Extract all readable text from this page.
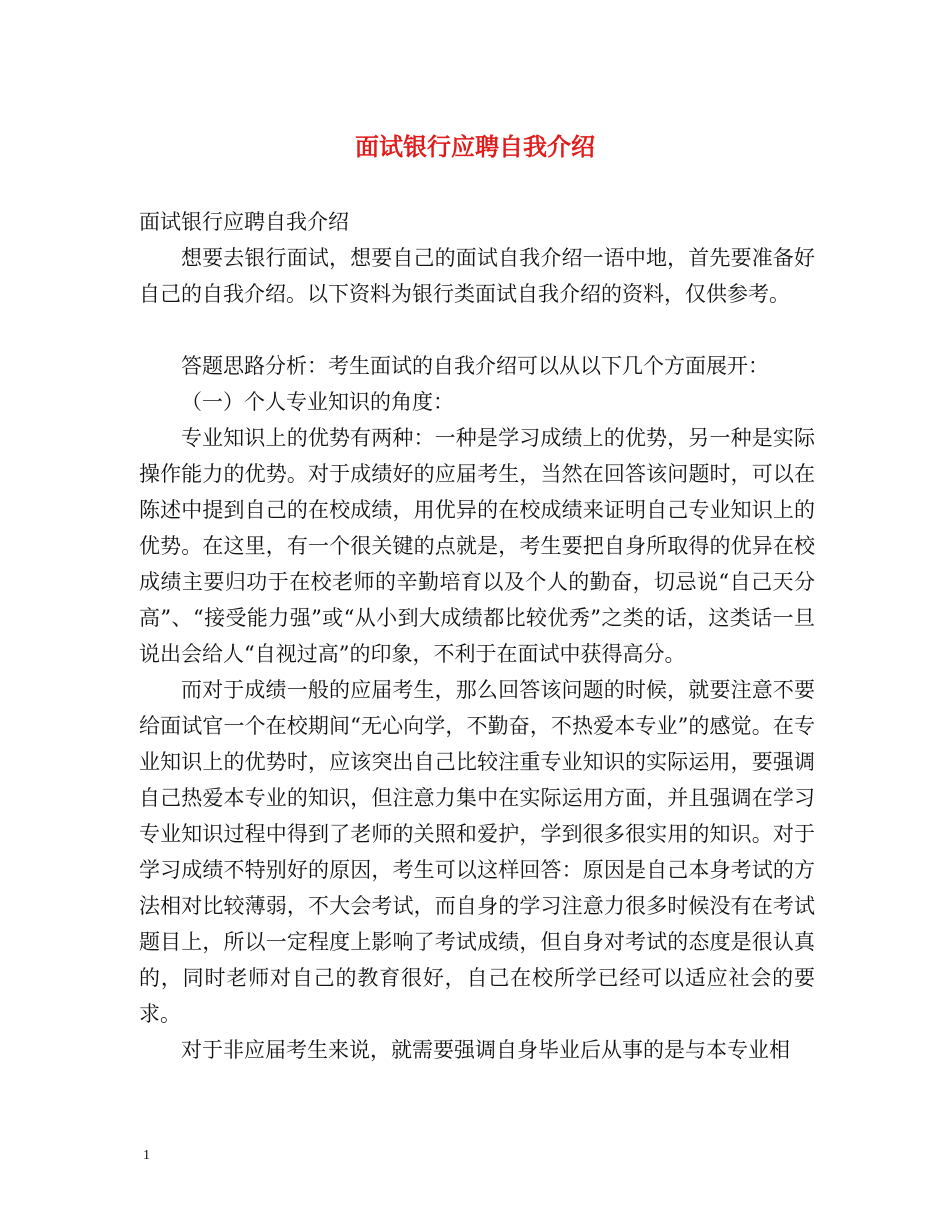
面试银行应聘自我介绍

面试银行应聘自我介绍

想要去银行面试，想要自己的面试自我介绍一语中地，首先要准备好自己的自我介绍。以下资料为银行类面试自我介绍的资料，仅供参考。

答题思路分析：考生面试的自我介绍可以从以下几个方面展开：

（一）个人专业知识的角度：

专业知识上的优势有两种：一种是学习成绩上的优势，另一种是实际操作能力的优势。对于成绩好的应届考生，当然在回答该问题时，可以在陈述中提到自己的在校成绩，用优异的在校成绩来证明自己专业知识上的优势。在这里，有一个很关键的点就是，考生要把自身所取得的优异在校成绩主要归功于在校老师的辛勤培育以及个人的勤奋，切忌说“自己天分高”、“接受能力强”或“从小到大成绩都比较优秀”之类的话，这类话一旦说出会给人“自视过高”的印象，不利于在面试中获得高分。

而对于成绩一般的应届考生，那么回答该问题的时候，就要注意不要给面试官一个在校期间“无心向学，不勤奋，不热爱本专业”的感觉。在专业知识上的优势时，应该突出自己比较注重专业知识的实际运用，要强调自己热爱本专业的知识，但注意力集中在实际运用方面，并且强调在学习专业知识过程中得到了老师的关照和爱护，学到很多很实用的知识。对于学习成绩不特别好的原因，考生可以这样回答：原因是自己本身考试的方法相对比较薄弱，不大会考试，而自身的学习注意力很多时候没有在考试题目上，所以一定程度上影响了考试成绩，但自身对考试的态度是很认真的，同时老师对自己的教育很好，自己在校所学已经可以适应社会的要求。

对于非应届考生来说，就需要强调自身毕业后从事的是与本专业相

1
